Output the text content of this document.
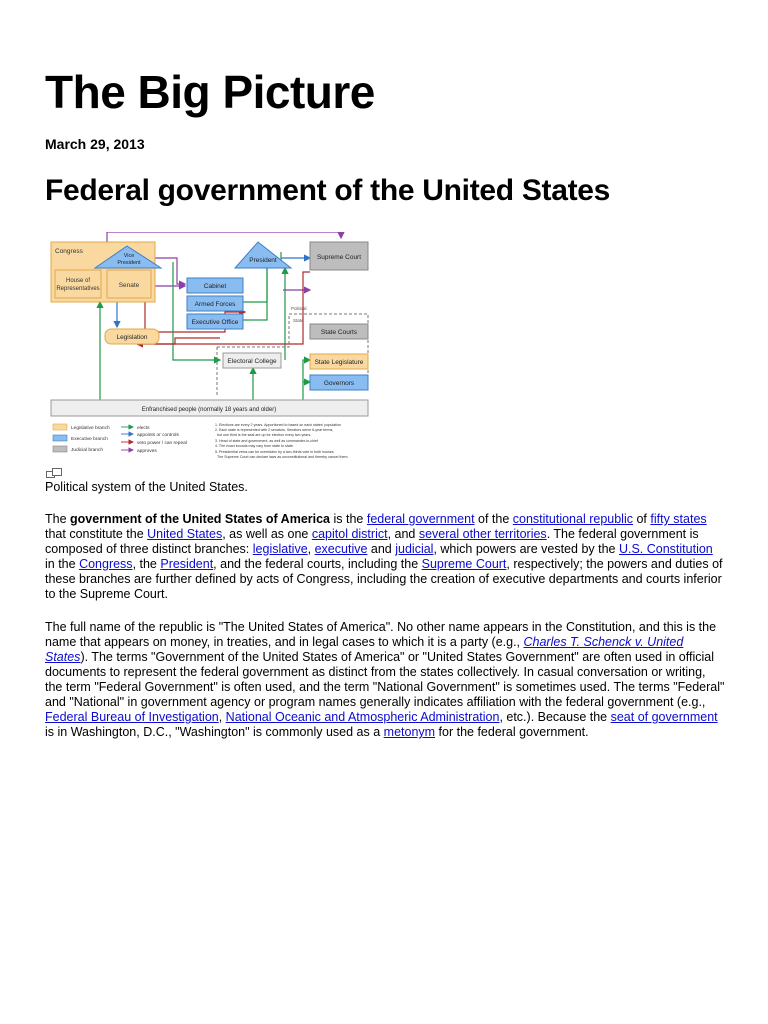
The Big Picture
March 29, 2013
Federal government of the United States
Congress
House of
Representatives	Senate
Vice
President	President	Supreme Court
Cabinet
Armed Forces
Executive Office
Legislation
Political
State
State Courts
State Legislature
Governors
Electoral College
Enfranchised people (normally 18 years and older)
Legislative branch
Executive branch
Judicial branch
elects
appoints or controls
veto power / can repeal
approves
1. Elections are every 2 years. Apportioned to based on each states' population
2. Each state is represented with 2 senators. Senators serve 6-year terms,
but one third is the seat are up for election every two years.
3. Head of state and government, as well as commander-in-chief
4. The exact bounds may vary from state to state.
5. Presidential vetos can be overridden by a two-thirds vote in both houses
The Supreme Court can declare laws as unconstitutional and thereby cancel them.
Political system of the United States.

The government of the United States of America is the federal government of the constitutional republic of fifty states that constitute the United States, as well as one capitol district, and several other territories. The federal government is composed of three distinct branches: legislative, executive and judicial, which powers are vested by the U.S. Constitution in the Congress, the President, and the federal courts, including the Supreme Court, respectively; the powers and duties of these branches are further defined by acts of Congress, including the creation of executive departments and courts inferior to the Supreme Court.

The full name of the republic is "The United States of America". No other name appears in the Constitution, and this is the name that appears on money, in treaties, and in legal cases to which it is a party (e.g., Charles T. Schenck v. United States). The terms "Government of the United States of America" or "United States Government" are often used in official documents to represent the federal government as distinct from the states collectively. In casual conversation or writing, the term "Federal Government" is often used, and the term "National Government" is sometimes used. The terms "Federal" and "National" in government agency or program names generally indicates affiliation with the federal government (e.g., Federal Bureau of Investigation, National Oceanic and Atmospheric Administration, etc.). Because the seat of government is in Washington, D.C., "Washington" is commonly used as a metonym for the federal government.
